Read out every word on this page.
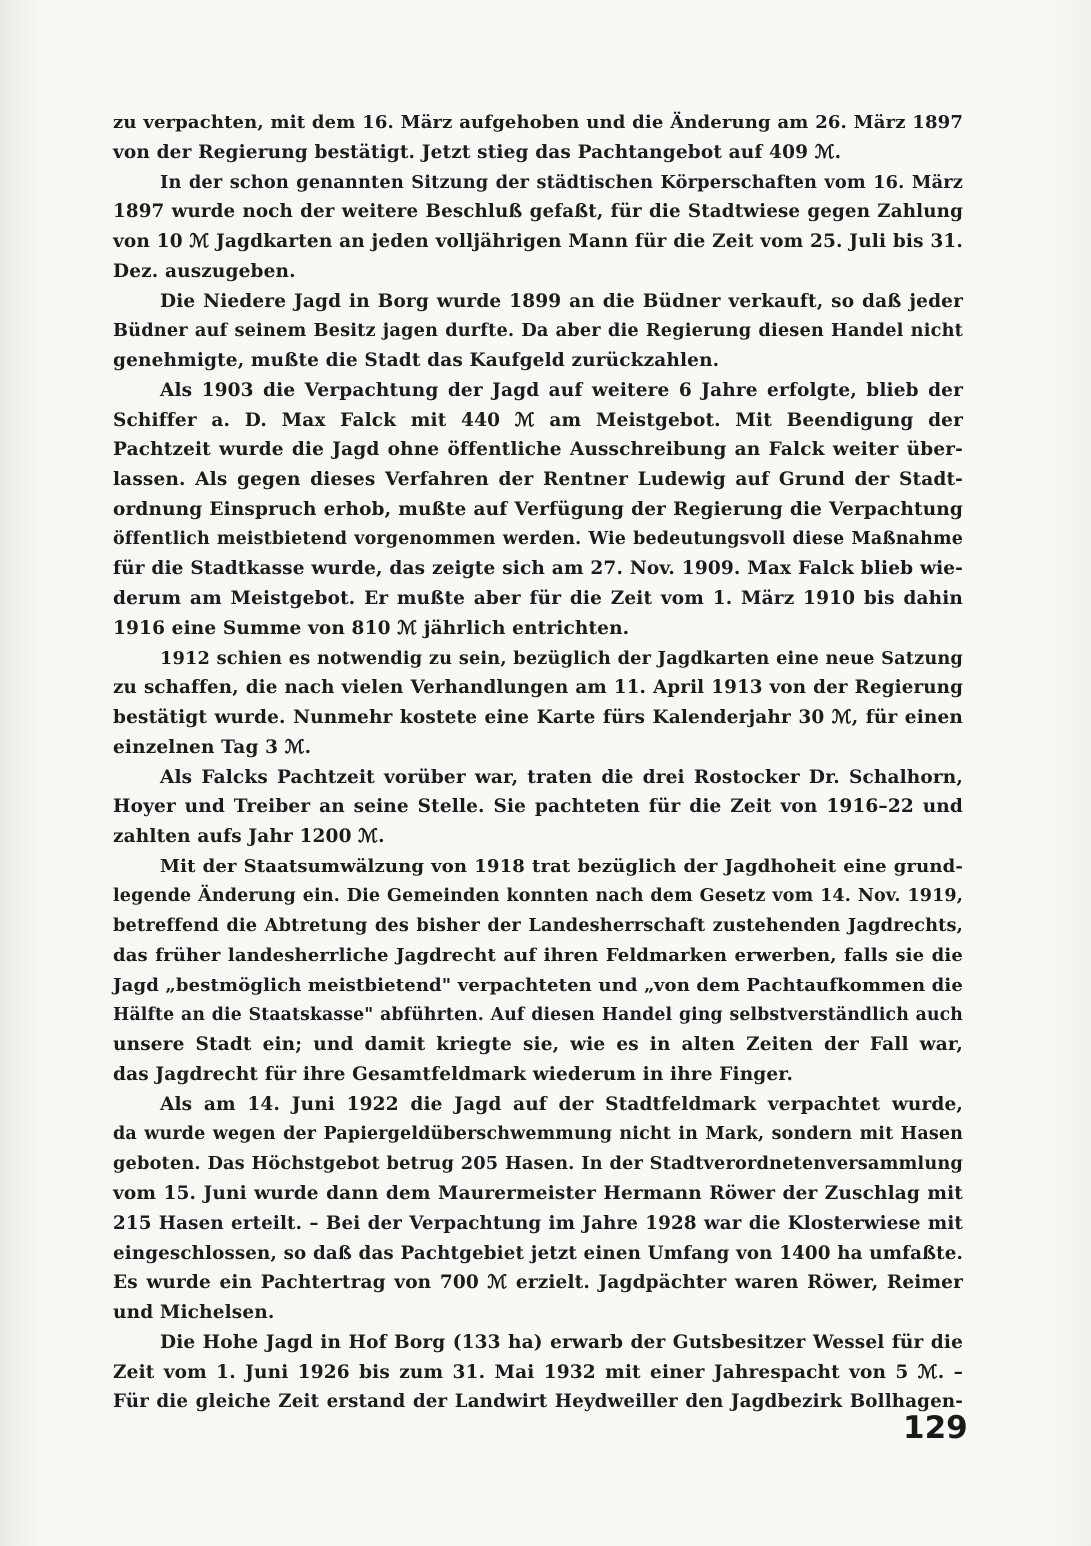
zu verpachten, mit dem 16. März aufgehoben und die Änderung am 26. März 1897
von der Regierung bestätigt. Jetzt stieg das Pachtangebot auf 409 ℳ.
In der schon genannten Sitzung der städtischen Körperschaften vom 16. März
1897 wurde noch der weitere Beschluß gefaßt, für die Stadtwiese gegen Zahlung
von 10 ℳ Jagdkarten an jeden volljährigen Mann für die Zeit vom 25. Juli bis 31.
Dez. auszugeben.
Die Niedere Jagd in Borg wurde 1899 an die Büdner verkauft, so daß jeder
Büdner auf seinem Besitz jagen durfte. Da aber die Regierung diesen Handel nicht
genehmigte, mußte die Stadt das Kaufgeld zurückzahlen.
Als 1903 die Verpachtung der Jagd auf weitere 6 Jahre erfolgte, blieb der
Schiffer a. D. Max Falck mit 440 ℳ am Meistgebot. Mit Beendigung der
Pachtzeit wurde die Jagd ohne öffentliche Ausschreibung an Falck weiter über-
lassen. Als gegen dieses Verfahren der Rentner Ludewig auf Grund der Stadt-
ordnung Einspruch erhob, mußte auf Verfügung der Regierung die Verpachtung
öffentlich meistbietend vorgenommen werden. Wie bedeutungsvoll diese Maßnahme
für die Stadtkasse wurde, das zeigte sich am 27. Nov. 1909. Max Falck blieb wie-
derum am Meistgebot. Er mußte aber für die Zeit vom 1. März 1910 bis dahin
1916 eine Summe von 810 ℳ jährlich entrichten.
1912 schien es notwendig zu sein, bezüglich der Jagdkarten eine neue Satzung
zu schaffen, die nach vielen Verhandlungen am 11. April 1913 von der Regierung
bestätigt wurde. Nunmehr kostete eine Karte fürs Kalenderjahr 30 ℳ, für einen
einzelnen Tag 3 ℳ.
Als Falcks Pachtzeit vorüber war, traten die drei Rostocker Dr. Schalhorn,
Hoyer und Treiber an seine Stelle. Sie pachteten für die Zeit von 1916–22 und
zahlten aufs Jahr 1200 ℳ.
Mit der Staatsumwälzung von 1918 trat bezüglich der Jagdhoheit eine grund-
legende Änderung ein. Die Gemeinden konnten nach dem Gesetz vom 14. Nov. 1919,
betreffend die Abtretung des bisher der Landesherrschaft zustehenden Jagdrechts,
das früher landesherrliche Jagdrecht auf ihren Feldmarken erwerben, falls sie die
Jagd „bestmöglich meistbietend" verpachteten und „von dem Pachtaufkommen die
Hälfte an die Staatskasse" abführten. Auf diesen Handel ging selbstverständlich auch
unsere Stadt ein; und damit kriegte sie, wie es in alten Zeiten der Fall war,
das Jagdrecht für ihre Gesamtfeldmark wiederum in ihre Finger.
Als am 14. Juni 1922 die Jagd auf der Stadtfeldmark verpachtet wurde,
da wurde wegen der Papiergeldüberschwemmung nicht in Mark, sondern mit Hasen
geboten. Das Höchstgebot betrug 205 Hasen. In der Stadtverordnetenversammlung
vom 15. Juni wurde dann dem Maurermeister Hermann Röwer der Zuschlag mit
215 Hasen erteilt. – Bei der Verpachtung im Jahre 1928 war die Klosterwiese mit
eingeschlossen, so daß das Pachtgebiet jetzt einen Umfang von 1400 ha umfaßte.
Es wurde ein Pachtertrag von 700 ℳ erzielt. Jagdpächter waren Röwer, Reimer
und Michelsen.
Die Hohe Jagd in Hof Borg (133 ha) erwarb der Gutsbesitzer Wessel für die
Zeit vom 1. Juni 1926 bis zum 31. Mai 1932 mit einer Jahrespacht von 5 ℳ. –
Für die gleiche Zeit erstand der Landwirt Heydweiller den Jagdbezirk Bollhagen-
129
